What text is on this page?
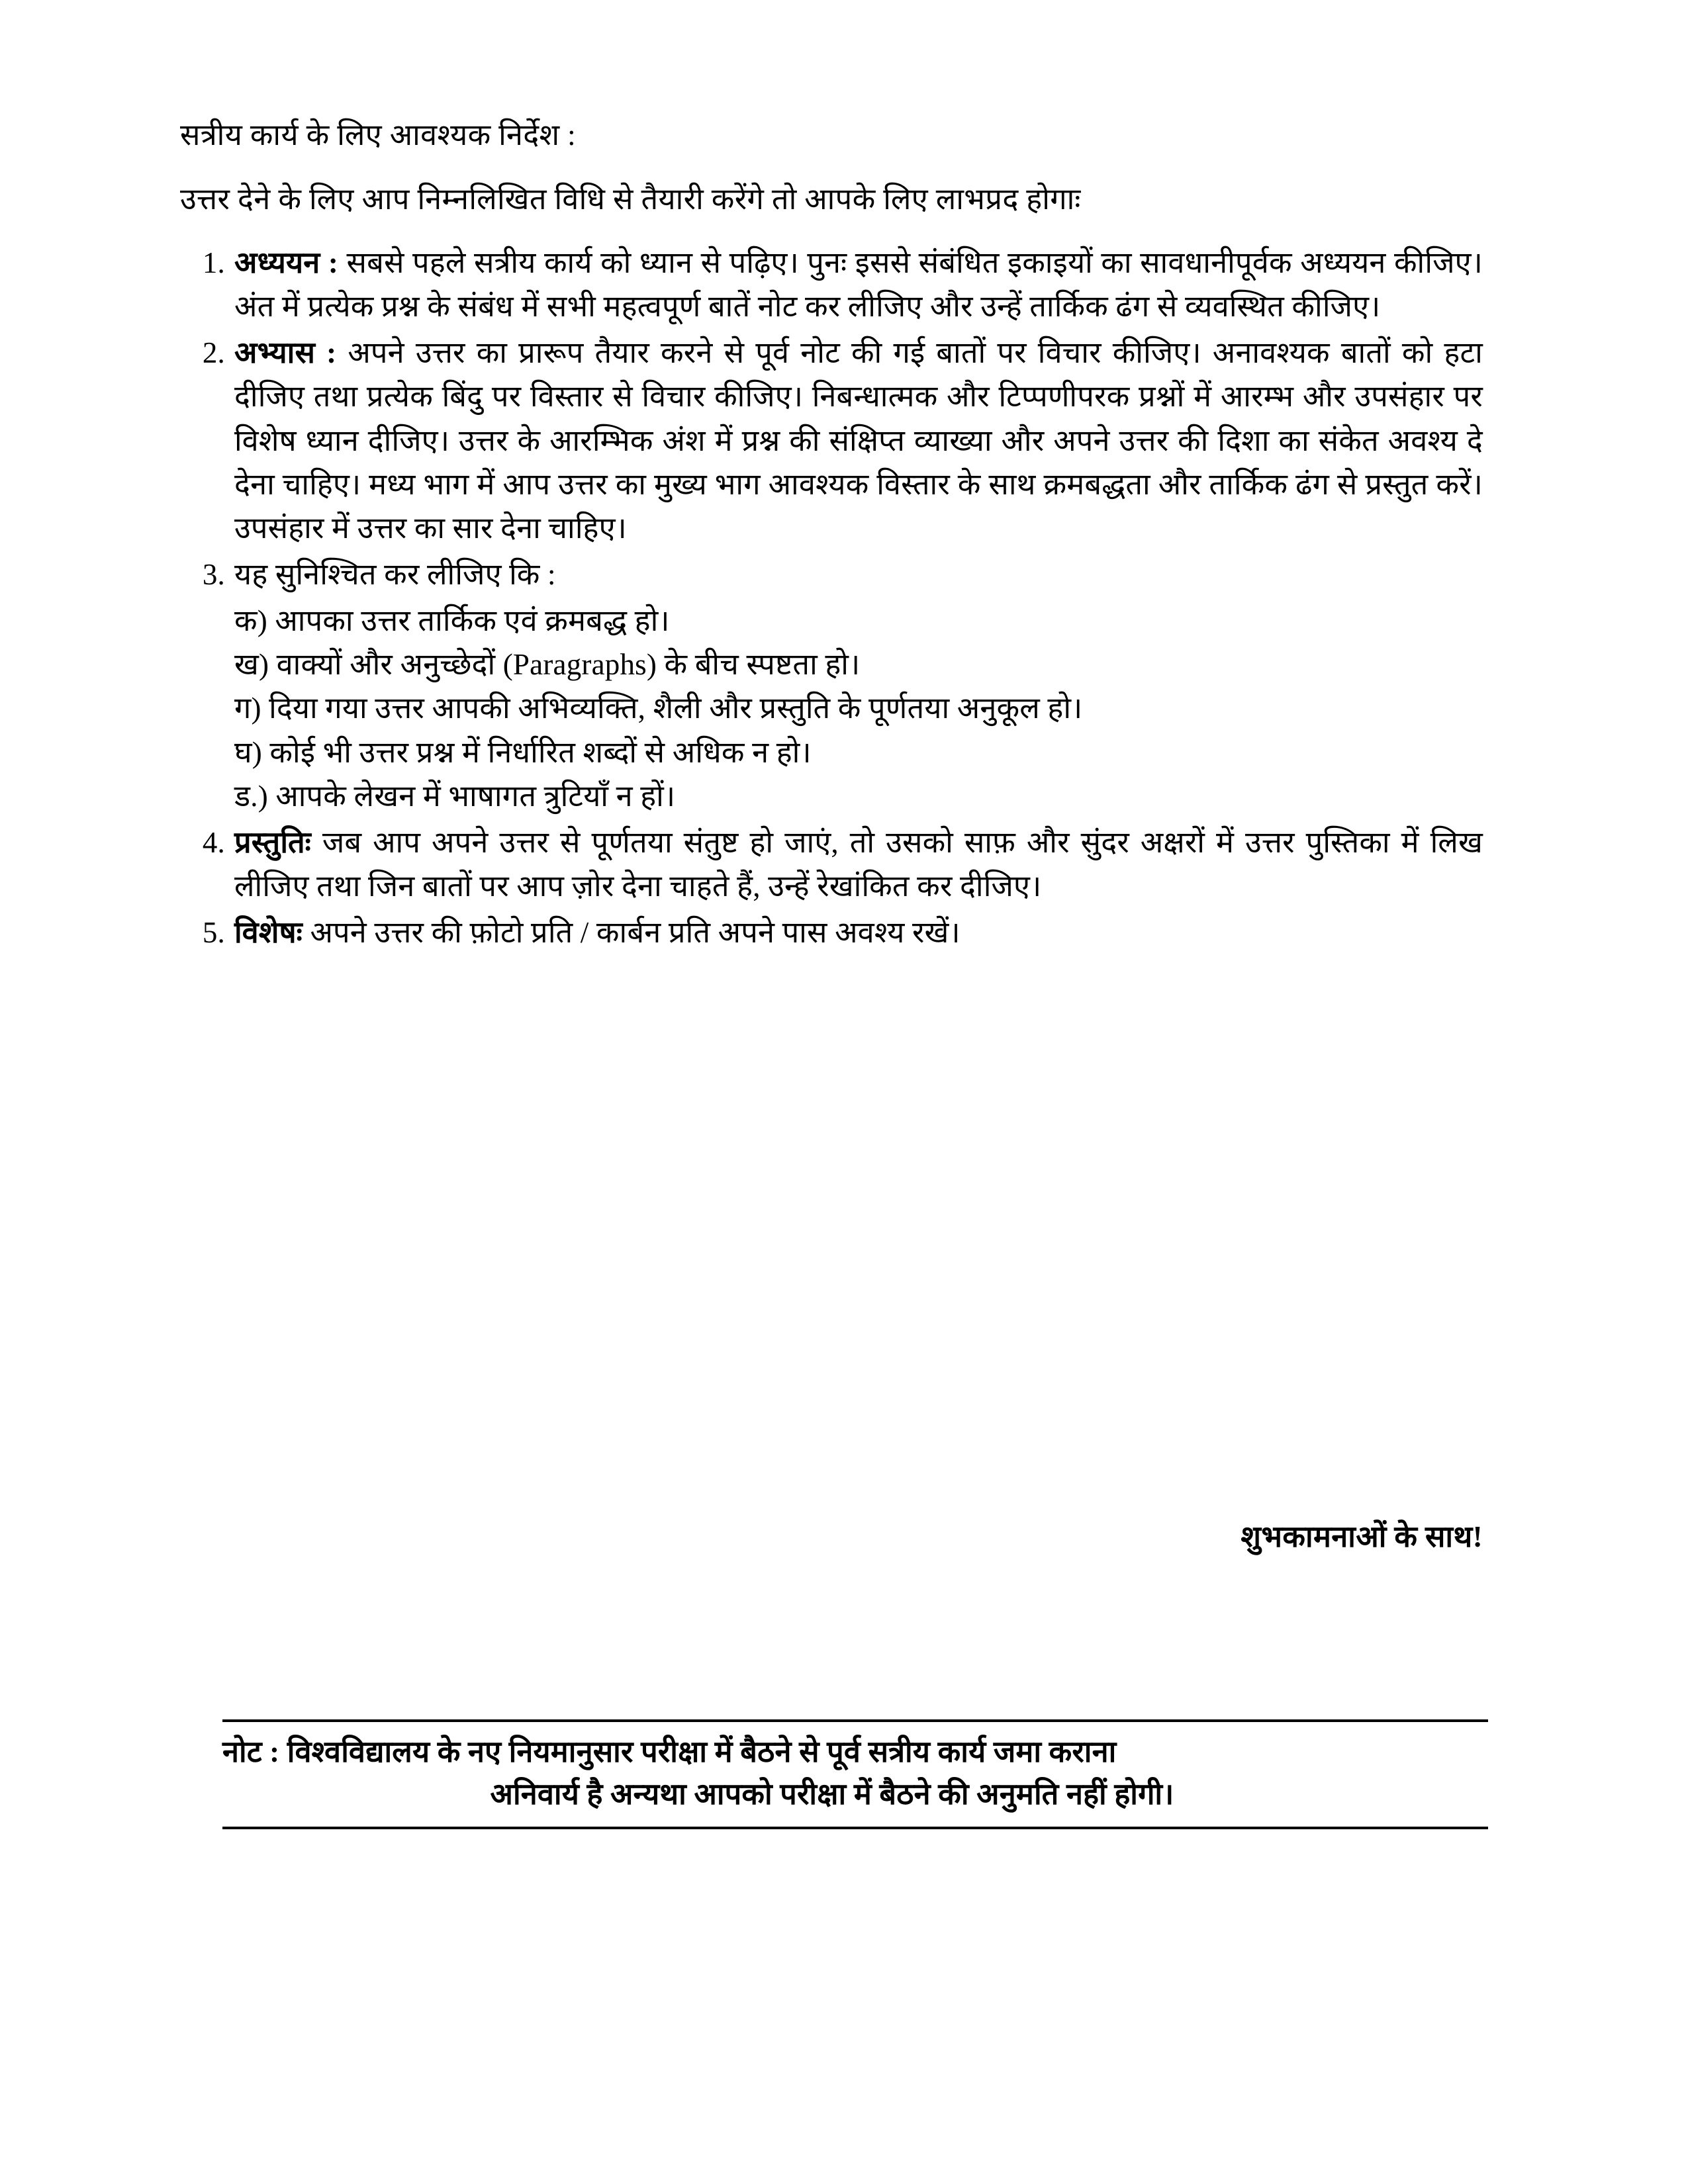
सत्रीय कार्य के लिए आवश्यक निर्देश :
उत्तर देने के लिए आप निम्नलिखित विधि से तैयारी करेंगे तो आपके लिए लाभप्रद होगाः
1. अध्ययन : सबसे पहले सत्रीय कार्य को ध्यान से पढ़िए। पुनः इससे संबंधित इकाइयों का सावधानीपूर्वक अध्ययन कीजिए। अंत में प्रत्येक प्रश्न के संबंध में सभी महत्वपूर्ण बातें नोट कर लीजिए और उन्हें तार्किक ढंग से व्यवस्थित कीजिए।
2. अभ्यास : अपने उत्तर का प्रारूप तैयार करने से पूर्व नोट की गई बातों पर विचार कीजिए। अनावश्यक बातों को हटा दीजिए तथा प्रत्येक बिंदु पर विस्तार से विचार कीजिए। निबन्धात्मक और टिप्पणीपरक प्रश्नों में आरम्भ और उपसंहार पर विशेष ध्यान दीजिए। उत्तर के आरम्भिक अंश में प्रश्न की संक्षिप्त व्याख्या और अपने उत्तर की दिशा का संकेत अवश्य दे देना चाहिए। मध्य भाग में आप उत्तर का मुख्य भाग आवश्यक विस्तार के साथ क्रमबद्धता और तार्किक ढंग से प्रस्तुत करें। उपसंहार में उत्तर का सार देना चाहिए।
3. यह सुनिश्चित कर लीजिए कि :
क) आपका उत्तर तार्किक एवं क्रमबद्ध हो।
ख) वाक्यों और अनुच्छेदों (Paragraphs) के बीच स्पष्टता हो।
ग) दिया गया उत्तर आपकी अभिव्यक्ति, शैली और प्रस्तुति के पूर्णतया अनुकूल हो।
घ) कोई भी उत्तर प्रश्न में निर्धारित शब्दों से अधिक न हो।
ड.) आपके लेखन में भाषागत त्रुटियाँ न हों।
4. प्रस्तुतिः जब आप अपने उत्तर से पूर्णतया संतुष्ट हो जाएं, तो उसको साफ़ और सुंदर अक्षरों में उत्तर पुस्तिका में लिख लीजिए तथा जिन बातों पर आप ज़ोर देना चाहते हैं, उन्हें रेखांकित कर दीजिए।
5. विशेषः अपने उत्तर की फ़ोटो प्रति / कार्बन प्रति अपने पास अवश्य रखें।
शुभकामनाओं के साथ!
नोट : विश्वविद्यालय के नए नियमानुसार परीक्षा में बैठने से पूर्व सत्रीय कार्य जमा कराना
अनिवार्य है अन्यथा आपको परीक्षा में बैठने की अनुमति नहीं होगी।
